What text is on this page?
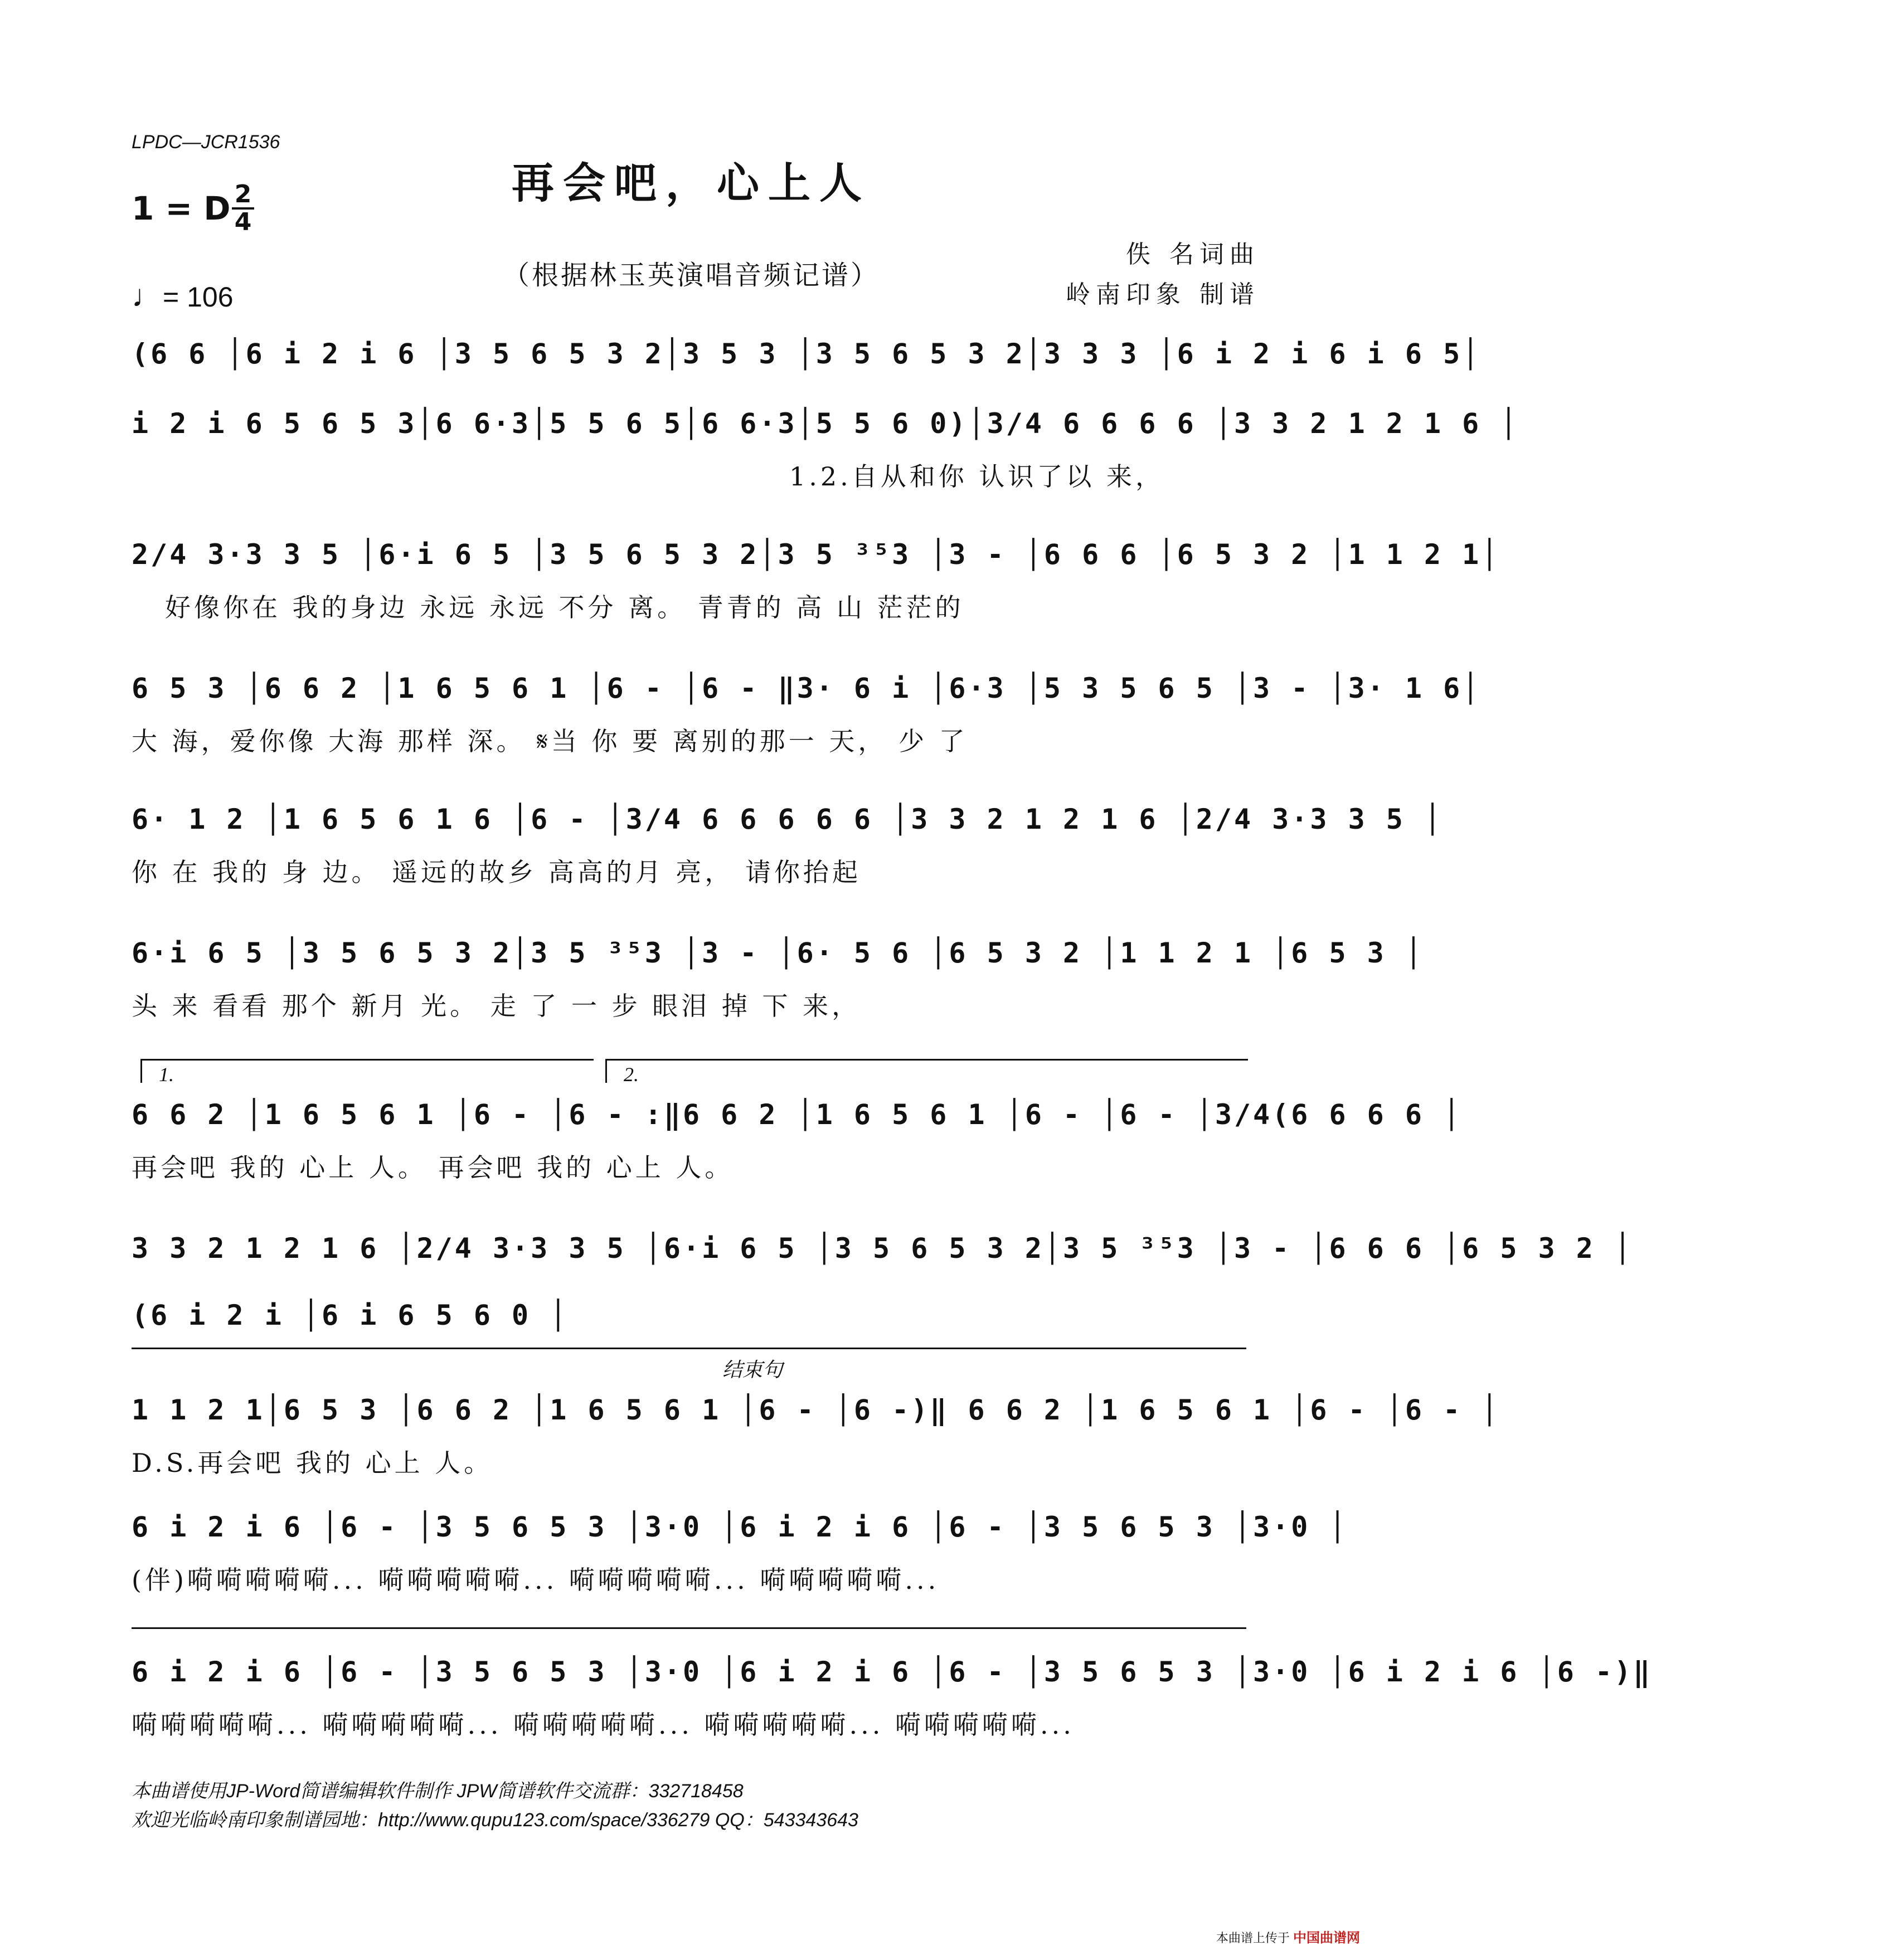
LPDC—JCR1536
再会吧，心上人
1 = D 2
4
♩= 106
（根据林玉英演唱音频记谱）
佚 名词曲
岭南印象 制谱
(6 6 │6 i 2 i 6 │3 5 6 5 3 2│3 5 3 │3 5 6 5 3 2│3 3 3 │6 i 2 i 6 i 6 5│
i 2 i 6 5 6 5 3│6 6·3│5 5 6 5│6 6·3│5 5 6 0)│3/4 6 6 6 6 │3 3 2 1 2 1 6 │
1.2.自从和你 认识了以 来，
2/4 3·3 3 5 │6·i 6 5 │3 5 6 5 3 2│3 5 ³⁵3 │3 - │6 6 6 │6 5 3 2 │1 1 2 1│
好像你在 我的身边 永远 永远 不分 离。 青青的 高 山 茫茫的
6 5 3 │6 6 2 │1 6 5 6 1 │6 - │6 - ‖3· 6 i │6·3 │5 3 5 6 5 │3 - │3· 1 6│
大 海，爱你像 大海 那样 深。 𝄋当 你 要 离别的那一 天， 少 了
6· 1 2 │1 6 5 6 1 6 │6 - │3/4 6 6 6 6 6 │3 3 2 1 2 1 6 │2/4 3·3 3 5 │
你 在 我的 身 边。 遥远的故乡 高高的月 亮， 请你抬起
6·i 6 5 │3 5 6 5 3 2│3 5 ³⁵3 │3 - │6· 5 6 │6 5 3 2 │1 1 2 1 │6 5 3 │
头 来 看看 那个 新月 光。 走 了 一 步 眼泪 掉 下 来，
1.	2.
6 6 2 │1 6 5 6 1 │6 - │6 - :‖6 6 2 │1 6 5 6 1 │6 - │6 - │3/4(6 6 6 6 │
再会吧 我的 心上 人。 再会吧 我的 心上 人。
3 3 2 1 2 1 6 │2/4 3·3 3 5 │6·i 6 5 │3 5 6 5 3 2│3 5 ³⁵3 │3 - │6 6 6 │6 5 3 2 │
(6 i 2 i │6 i 6 5 6 0 │
结束句
1 1 2 1│6 5 3 │6 6 2 │1 6 5 6 1 │6 - │6 -)‖ 6 6 2 │1 6 5 6 1 │6 - │6 - │
D.S.再会吧 我的 心上 人。
6 i 2 i 6 │6 - │3 5 6 5 3 │3·0 │6 i 2 i 6 │6 - │3 5 6 5 3 │3·0 │
(伴)嗬嗬嗬嗬嗬... 嗬嗬嗬嗬嗬... 嗬嗬嗬嗬嗬... 嗬嗬嗬嗬嗬...
6 i 2 i 6 │6 - │3 5 6 5 3 │3·0 │6 i 2 i 6 │6 - │3 5 6 5 3 │3·0 │6 i 2 i 6 │6 -)‖
嗬嗬嗬嗬嗬... 嗬嗬嗬嗬嗬... 嗬嗬嗬嗬嗬... 嗬嗬嗬嗬嗬... 嗬嗬嗬嗬嗬...
本曲谱使用JP-Word简谱编辑软件制作 JPW简谱软件交流群：332718458
欢迎光临岭南印象制谱园地：http://www.qupu123.com/space/336279 QQ：543343643
本曲谱上传于 中国曲谱网
